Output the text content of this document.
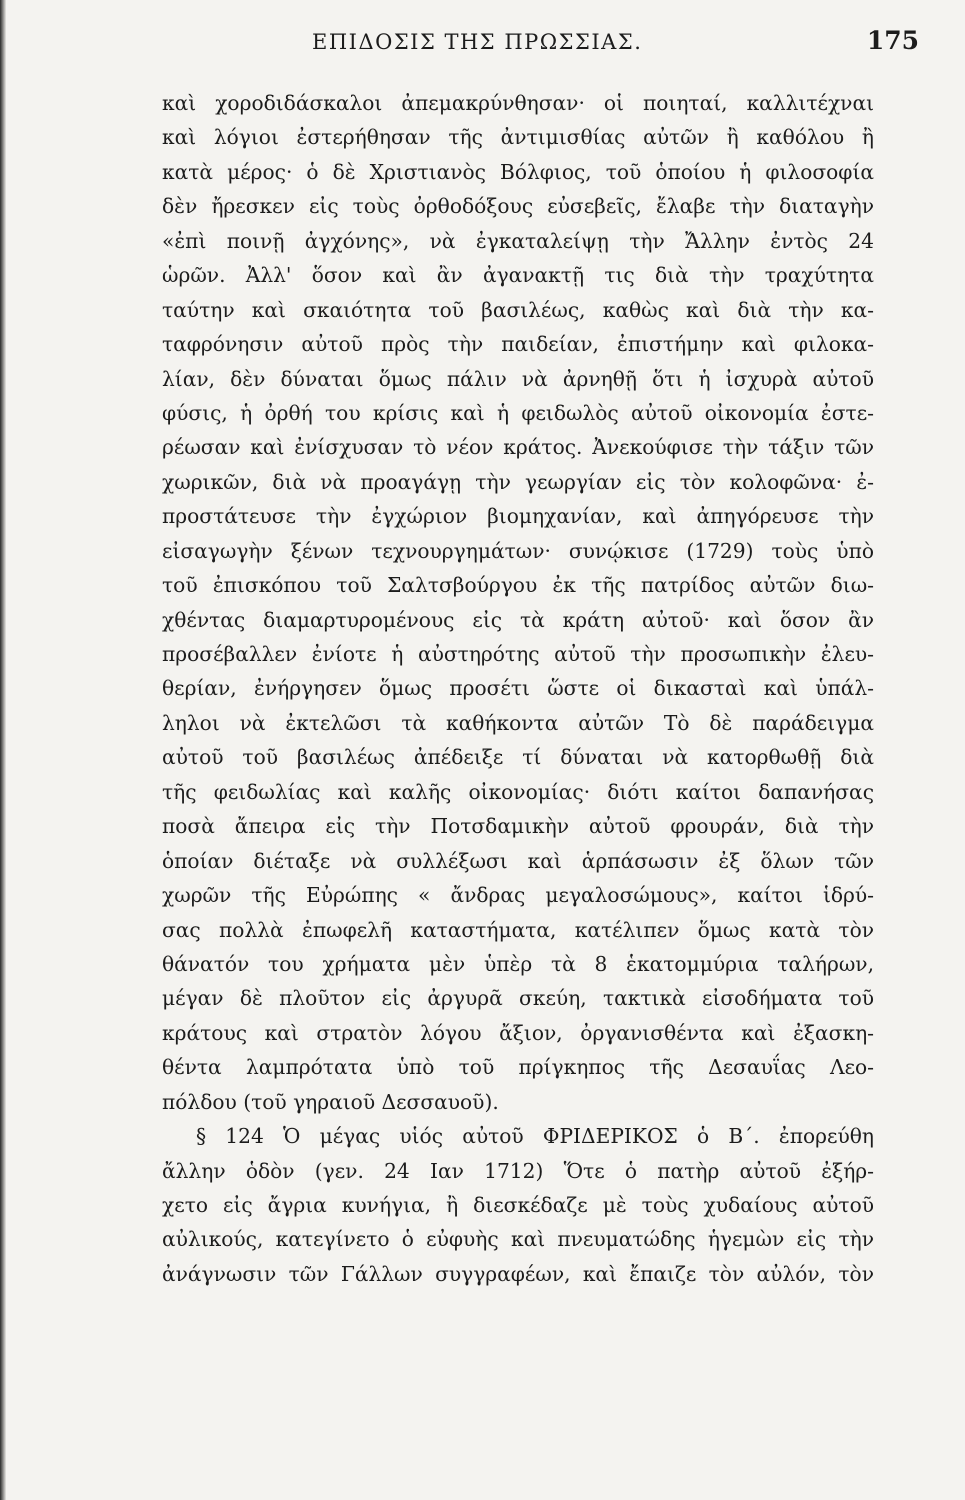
ΕΠΙΔΟΣΙΣ ΤΗΣ ΠΡΩΣΣΙΑΣ.	175
καὶ χοροδιδάσκαλοι ἀπεμακρύνθησαν· οἱ ποιηταί, καλλιτέχναι
καὶ λόγιοι ἐστερήθησαν τῆς ἀντιμισθίας αὐτῶν ἢ καθόλου ἢ
κατὰ μέρος· ὁ δὲ Χριστιανὸς Βόλφιος, τοῦ ὁποίου ἡ φιλοσοφία
δὲν ἤρεσκεν εἰς τοὺς ὀρθοδόξους εὐσεβεῖς, ἔλαβε τὴν διαταγὴν
«ἐπὶ ποινῇ ἀγχόνης», νὰ ἐγκαταλείψῃ τὴν Ἄλλην ἐντὸς 24
ὡρῶν. Ἀλλ' ὅσον καὶ ἂν ἀγανακτῇ τις διὰ τὴν τραχύτητα
ταύτην καὶ σκαιότητα τοῦ βασιλέως, καθὼς καὶ διὰ τὴν κα-
ταφρόνησιν αὐτοῦ πρὸς τὴν παιδείαν, ἐπιστήμην καὶ φιλοκα-
λίαν, δὲν δύναται ὅμως πάλιν νὰ ἀρνηθῇ ὅτι ἡ ἰσχυρὰ αὐτοῦ
φύσις, ἡ ὀρθή του κρίσις καὶ ἡ φειδωλὸς αὐτοῦ οἰκονομία ἐστε-
ρέωσαν καὶ ἐνίσχυσαν τὸ νέον κράτος. Ἀνεκούφισε τὴν τάξιν τῶν
χωρικῶν, διὰ νὰ προαγάγῃ τὴν γεωργίαν εἰς τὸν κολοφῶνα· ἐ-
προστάτευσε τὴν ἐγχώριον βιομηχανίαν, καὶ ἀπηγόρευσε τὴν
εἰσαγωγὴν ξένων τεχνουργημάτων· συνῴκισε (1729) τοὺς ὑπὸ
τοῦ ἐπισκόπου τοῦ Σαλτσβούργου ἐκ τῆς πατρίδος αὐτῶν διω-
χθέντας διαμαρτυρομένους εἰς τὰ κράτη αὐτοῦ· καὶ ὅσον ἂν
προσέβαλλεν ἐνίοτε ἡ αὐστηρότης αὐτοῦ τὴν προσωπικὴν ἐλευ-
θερίαν, ἐνήργησεν ὅμως προσέτι ὥστε οἱ δικασταὶ καὶ ὑπάλ-
ληλοι νὰ ἐκτελῶσι τὰ καθήκοντα αὐτῶν Τὸ δὲ παράδειγμα
αὐτοῦ τοῦ βασιλέως ἀπέδειξε τί δύναται νὰ κατορθωθῇ διὰ
τῆς φειδωλίας καὶ καλῆς οἰκονομίας· διότι καίτοι δαπανήσας
ποσὰ ἄπειρα εἰς τὴν Ποτσδαμικὴν αὐτοῦ φρουράν, διὰ τὴν
ὁποίαν διέταξε νὰ συλλέξωσι καὶ ἁρπάσωσιν ἐξ ὅλων τῶν
χωρῶν τῆς Εὐρώπης « ἄνδρας μεγαλοσώμους», καίτοι ἱδρύ-
σας πολλὰ ἐπωφελῆ καταστήματα, κατέλιπεν ὅμως κατὰ τὸν
θάνατόν του χρήματα μὲν ὑπὲρ τὰ 8 ἑκατομμύρια ταλήρων,
μέγαν δὲ πλοῦτον εἰς ἀργυρᾶ σκεύη, τακτικὰ εἰσοδήματα τοῦ
κράτους καὶ στρατὸν λόγου ἄξιον, ὀργανισθέντα καὶ ἐξασκη-
θέντα λαμπρότατα ὑπὸ τοῦ πρίγκηπος τῆς Δεσαυΐας Λεο-
πόλδου (τοῦ γηραιοῦ Δεσσαυοῦ).
§ 124 Ὁ μέγας υἱός αὐτοῦ ΦΡΙΔΕΡΙΚΟΣ ὁ Β΄. ἐπορεύθη
ἄλλην ὁδὸν (γεν. 24 Ιαν 1712) Ὅτε ὁ πατὴρ αὐτοῦ ἐξήρ-
χετο εἰς ἄγρια κυνήγια, ἢ διεσκέδαζε μὲ τοὺς χυδαίους αὐτοῦ
αὐλικούς, κατεγίνετο ὁ εὐφυὴς καὶ πνευματώδης ἡγεμὼν εἰς τὴν
ἀνάγνωσιν τῶν Γάλλων συγγραφέων, καὶ ἔπαιζε τὸν αὐλόν, τὸν
